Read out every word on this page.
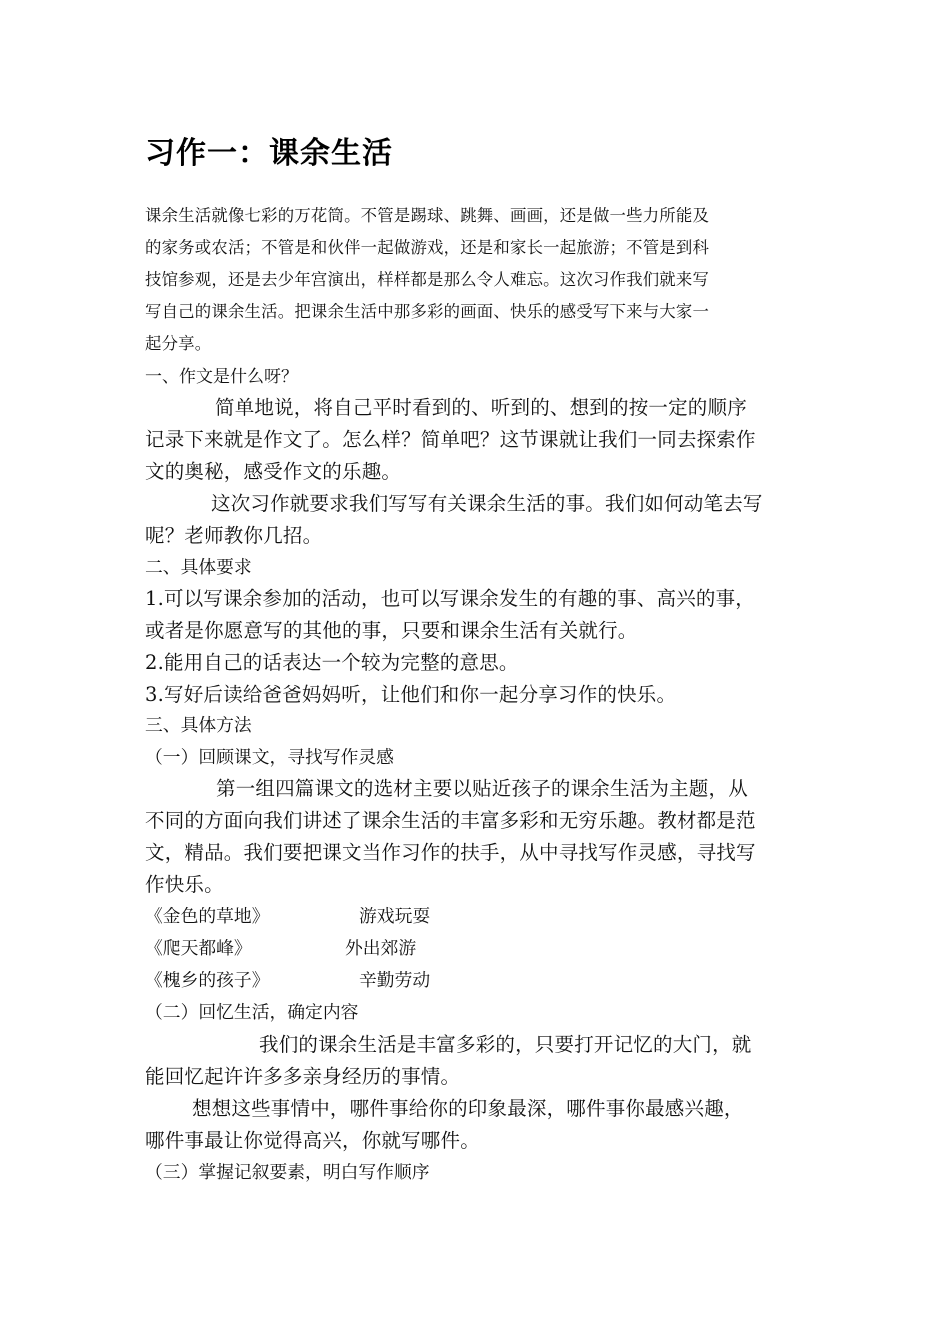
习作一：课余生活
课余生活就像七彩的万花筒。不管是踢球、跳舞、画画，还是做一些力所能及
的家务或农活；不管是和伙伴一起做游戏，还是和家长一起旅游；不管是到科
技馆参观，还是去少年宫演出，样样都是那么令人难忘。这次习作我们就来写
写自己的课余生活。把课余生活中那多彩的画面、快乐的感受写下来与大家一
起分享。
一、作文是什么呀？
简单地说，将自己平时看到的、听到的、想到的按一定的顺序
记录下来就是作文了。怎么样？简单吧？这节课就让我们一同去探索作
文的奥秘，感受作文的乐趣。
这次习作就要求我们写写有关课余生活的事。我们如何动笔去写
呢？老师教你几招。
二、具体要求
1.可以写课余参加的活动，也可以写课余发生的有趣的事、高兴的事，
或者是你愿意写的其他的事，只要和课余生活有关就行。
2.能用自己的话表达一个较为完整的意思。
3.写好后读给爸爸妈妈听，让他们和你一起分享习作的快乐。
三、具体方法
（一）回顾课文，寻找写作灵感
第一组四篇课文的选材主要以贴近孩子的课余生活为主题，从
不同的方面向我们讲述了课余生活的丰富多彩和无穷乐趣。教材都是范
文，精品。我们要把课文当作习作的扶手，从中寻找写作灵感，寻找写
作快乐。
《金色的草地》	游戏玩耍
《爬天都峰》	外出郊游
《槐乡的孩子》	辛勤劳动
（二）回忆生活，确定内容
我们的课余生活是丰富多彩的，只要打开记忆的大门，就
能回忆起许许多多亲身经历的事情。
想想这些事情中，哪件事给你的印象最深，哪件事你最感兴趣，
哪件事最让你觉得高兴，你就写哪件。
（三）掌握记叙要素，明白写作顺序
